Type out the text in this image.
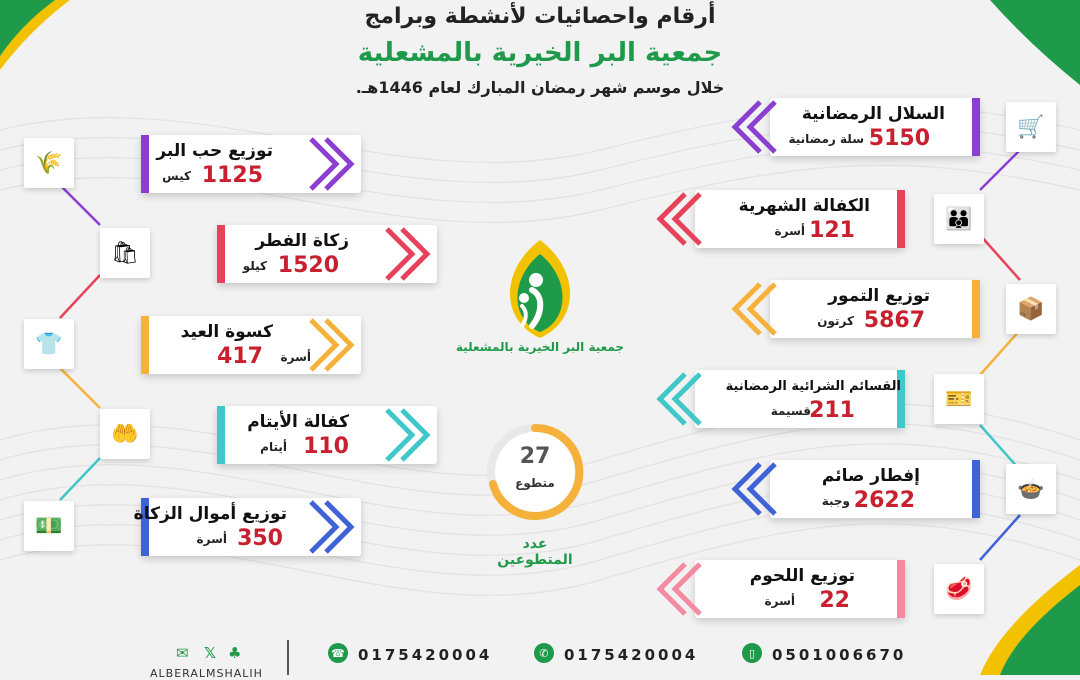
أرقام واحصائيات لأنشطة وبرامج
جمعية البر الخيرية بالمشعلية
خلال موسم شهر رمضان المبارك لعام 1446هـ.
توزيع حب البر
1125
كيس
🌾
زكاة الفطر
1520
كيلو
🛍
كسوة العيد
417 أسرة
👕
كفالة الأيتام
110
أيتام
🤲
توزيع أموال الزكاة
350
أسرة
💵
السلال الرمضانية
5150
سلة رمضانية	🛒
الكفالة الشهرية
121
أسرة	👪
توزيع التمور
5867
كرتون	📦
القسائم الشرائية الرمضانية
211
قسيمة	🎫
إفطار صائم
2622
وجبة	🍲
توزيع اللحوم
22
أسرة	🥩
جمعية البر الخيرية بالمشعلية
27
متطوع
عدد المتطوعين
✉ 𝕏 ♣
ALBERALMSHALIH
☎ 0175420004	✆	0175420004	▯	0501006670
